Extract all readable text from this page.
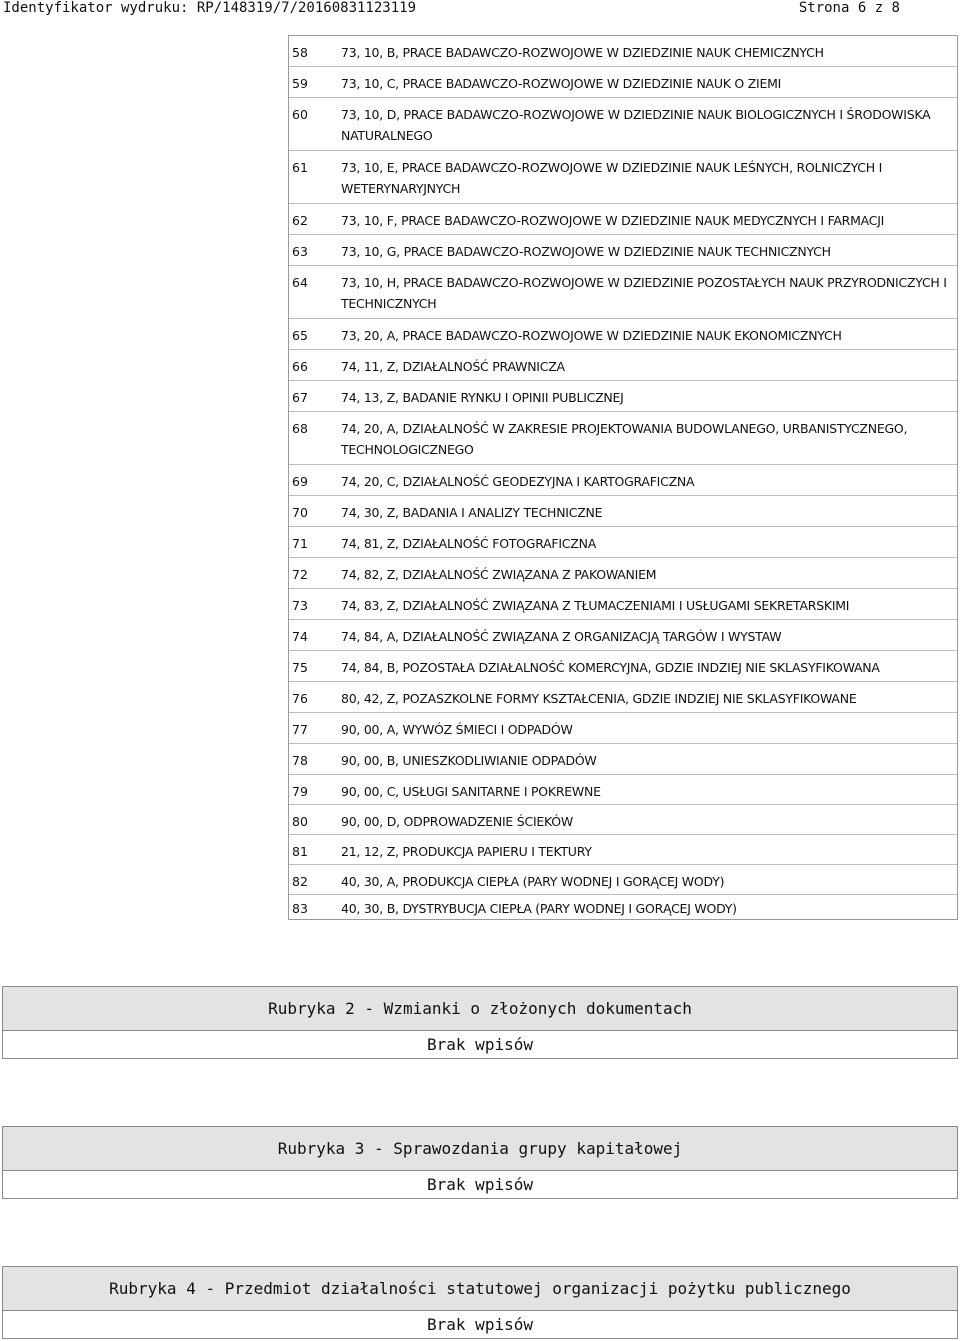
Identyfikator wydruku: RP/148319/7/20160831123119	Strona 6 z 8
58	73, 10, B, PRACE BADAWCZO-ROZWOJOWE W DZIEDZINIE NAUK CHEMICZNYCH
59	73, 10, C, PRACE BADAWCZO-ROZWOJOWE W DZIEDZINIE NAUK O ZIEMI
60	73, 10, D, PRACE BADAWCZO-ROZWOJOWE W DZIEDZINIE NAUK BIOLOGICZNYCH I ŚRODOWISKA NATURALNEGO
61	73, 10, E, PRACE BADAWCZO-ROZWOJOWE W DZIEDZINIE NAUK LEŚNYCH, ROLNICZYCH I WETERYNARYJNYCH
62	73, 10, F, PRACE BADAWCZO-ROZWOJOWE W DZIEDZINIE NAUK MEDYCZNYCH I FARMACJI
63	73, 10, G, PRACE BADAWCZO-ROZWOJOWE W DZIEDZINIE NAUK TECHNICZNYCH
64	73, 10, H, PRACE BADAWCZO-ROZWOJOWE W DZIEDZINIE POZOSTAŁYCH NAUK PRZYRODNICZYCH I TECHNICZNYCH
65	73, 20, A, PRACE BADAWCZO-ROZWOJOWE W DZIEDZINIE NAUK EKONOMICZNYCH
66	74, 11, Z, DZIAŁALNOŚĆ PRAWNICZA
67	74, 13, Z, BADANIE RYNKU I OPINII PUBLICZNEJ
68	74, 20, A, DZIAŁALNOŚĆ W ZAKRESIE PROJEKTOWANIA BUDOWLANEGO, URBANISTYCZNEGO, TECHNOLOGICZNEGO
69	74, 20, C, DZIAŁALNOŚĆ GEODEZYJNA I KARTOGRAFICZNA
70	74, 30, Z, BADANIA I ANALIZY TECHNICZNE
71	74, 81, Z, DZIAŁALNOŚĆ FOTOGRAFICZNA
72	74, 82, Z, DZIAŁALNOŚĆ ZWIĄZANA Z PAKOWANIEM
73	74, 83, Z, DZIAŁALNOŚĆ ZWIĄZANA Z TŁUMACZENIAMI I USŁUGAMI SEKRETARSKIMI
74	74, 84, A, DZIAŁALNOŚĆ ZWIĄZANA Z ORGANIZACJĄ TARGÓW I WYSTAW
75	74, 84, B, POZOSTAŁA DZIAŁALNOŚĆ KOMERCYJNA, GDZIE INDZIEJ NIE SKLASYFIKOWANA
76	80, 42, Z, POZASZKOLNE FORMY KSZTAŁCENIA, GDZIE INDZIEJ NIE SKLASYFIKOWANE
77	90, 00, A, WYWÓZ ŚMIECI I ODPADÓW
78	90, 00, B, UNIESZKODLIWIANIE ODPADÓW
79	90, 00, C, USŁUGI SANITARNE I POKREWNE
80	90, 00, D, ODPROWADZENIE ŚCIEKÓW
81	21, 12, Z, PRODUKCJA PAPIERU I TEKTURY
82	40, 30, A, PRODUKCJA CIEPŁA (PARY WODNEJ I GORĄCEJ WODY)
83	40, 30, B, DYSTRYBUCJA CIEPŁA (PARY WODNEJ I GORĄCEJ WODY)
Rubryka 2 - Wzmianki o złożonych dokumentach
Brak wpisów
Rubryka 3 - Sprawozdania grupy kapitałowej
Brak wpisów
Rubryka 4 - Przedmiot działalności statutowej organizacji pożytku publicznego
Brak wpisów
